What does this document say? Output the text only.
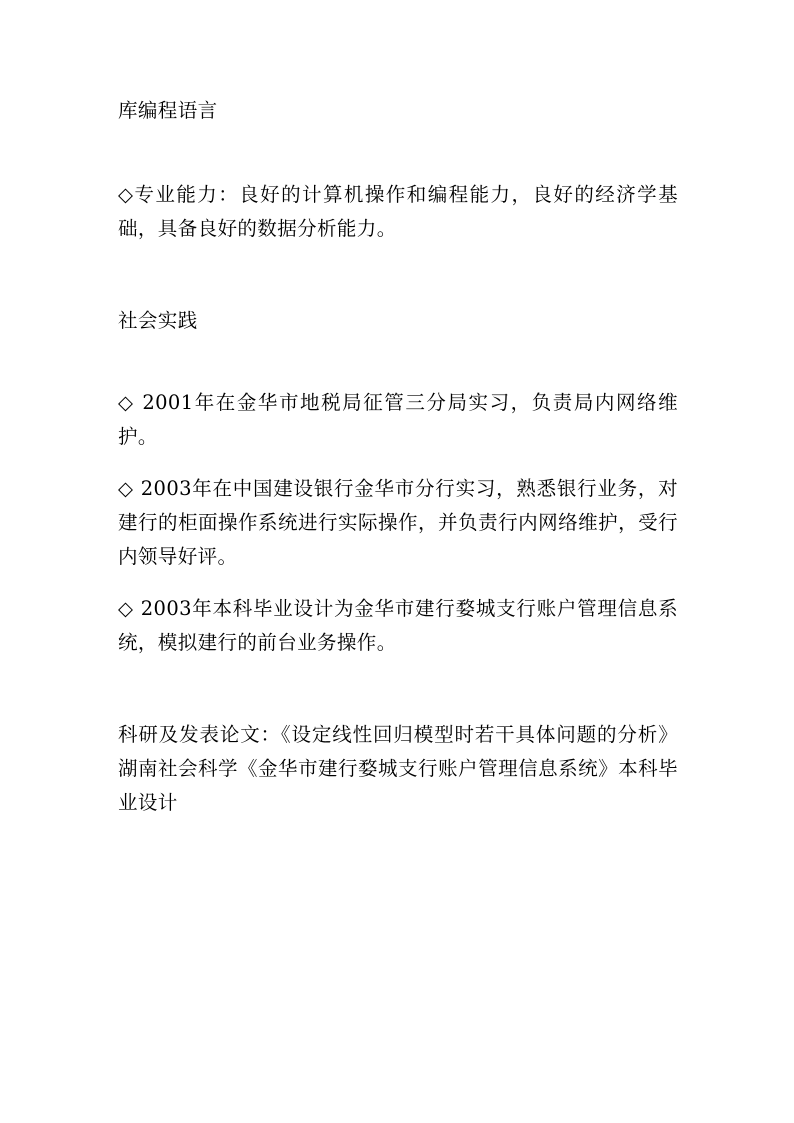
库编程语言

◇专业能力：良好的计算机操作和编程能力，良好的经济学基础，具备良好的数据分析能力。

社会实践

◇ 2001年在金华市地税局征管三分局实习，负责局内网络维护。

◇ 2003年在中国建设银行金华市分行实习，熟悉银行业务，对建行的柜面操作系统进行实际操作，并负责行内网络维护，受行内领导好评。

◇ 2003年本科毕业设计为金华市建行婺城支行账户管理信息系统，模拟建行的前台业务操作。

科研及发表论文：《设定线性回归模型时若干具体问题的分析》湖南社会科学《金华市建行婺城支行账户管理信息系统》本科毕业设计
